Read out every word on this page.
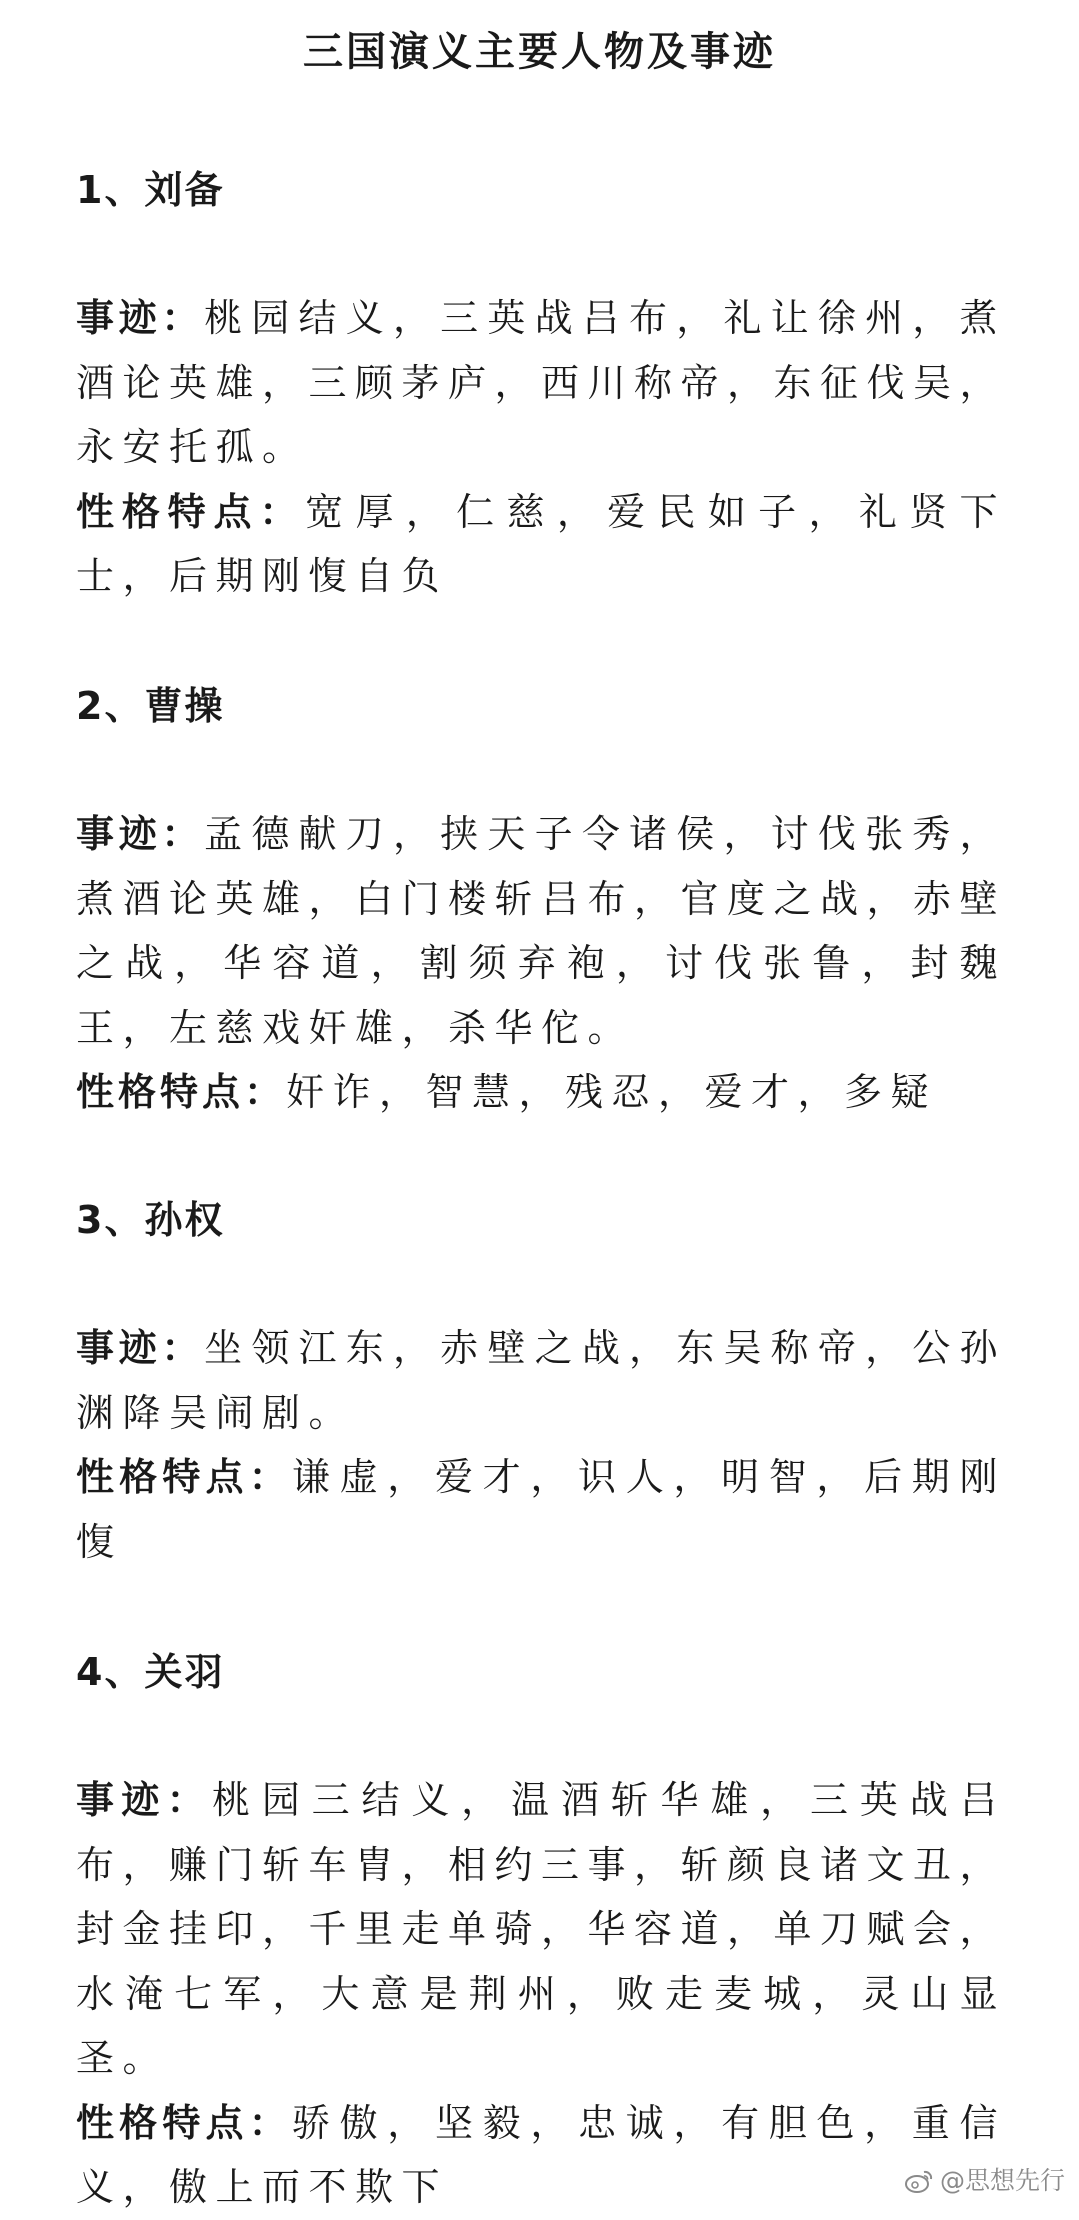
三国演义主要人物及事迹
1、刘备

事迹：桃园结义，三英战吕布，礼让徐州，煮酒论英雄，三顾茅庐，西川称帝，东征伐吴，永安托孤。

性格特点：宽厚，仁慈，爱民如子，礼贤下士，后期刚愎自负

2、曹操

事迹：孟德献刀，挟天子令诸侯，讨伐张秀，煮酒论英雄，白门楼斩吕布，官度之战，赤壁之战，华容道，割须弃袍，讨伐张鲁，封魏王，左慈戏奸雄，杀华佗。

性格特点：奸诈，智慧，残忍，爱才，多疑

3、孙权

事迹：坐领江东，赤壁之战，东吴称帝，公孙渊降吴闹剧。

性格特点：谦虚，爱才，识人，明智，后期刚愎

4、关羽

事迹：桃园三结义，温酒斩华雄，三英战吕布，赚门斩车胄，相约三事，斩颜良诸文丑，封金挂印，千里走单骑，华容道，单刀赋会，水淹七军，大意是荆州，败走麦城，灵山显圣。

性格特点：骄傲，坚毅，忠诚，有胆色，重信义，傲上而不欺下	@思想先行
